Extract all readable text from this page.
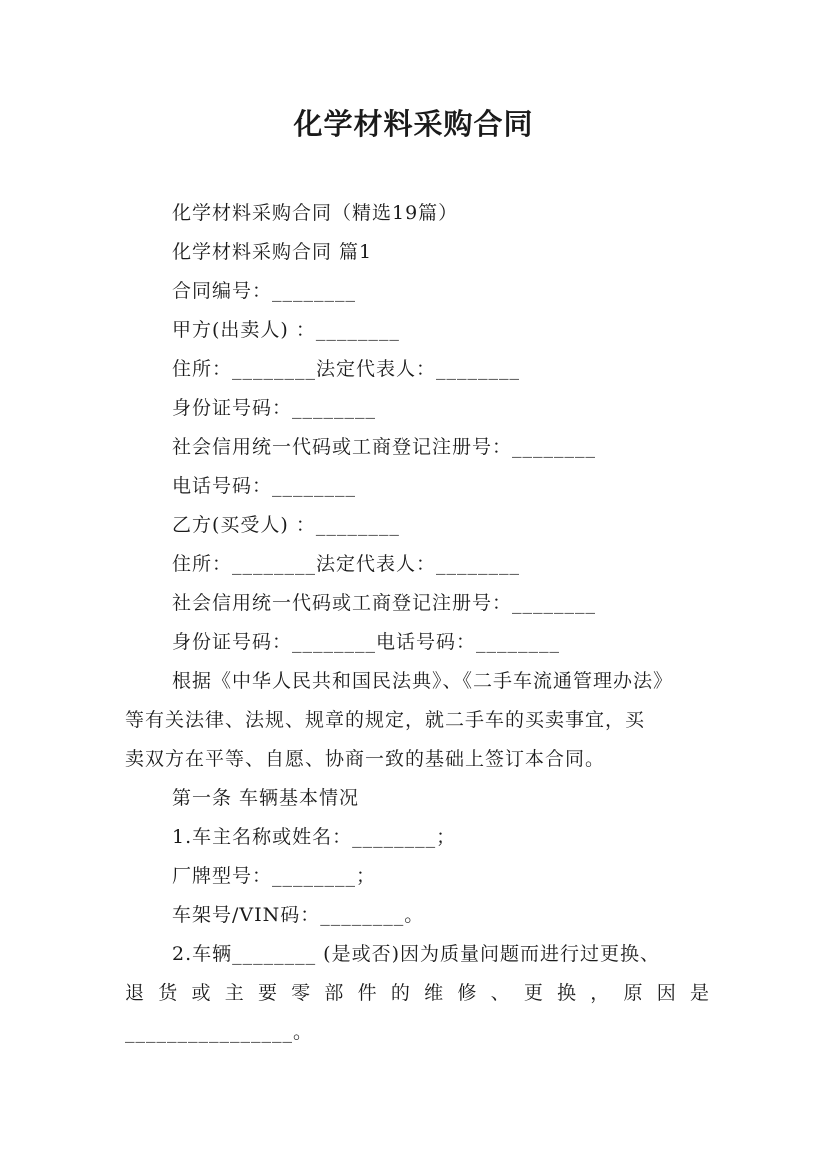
化学材料采购合同
化学材料采购合同（精选19篇）
化学材料采购合同 篇1
合同编号：________
甲方(出卖人) ：________
住所：________法定代表人：________
身份证号码：________
社会信用统一代码或工商登记注册号：________
电话号码：________
乙方(买受人) ：________
住所：________法定代表人：________
社会信用统一代码或工商登记注册号：________
身份证号码：________电话号码：________
根据《中华人民共和国民法典》、《二手车流通管理办法》
等有关法律、法规、规章的规定，就二手车的买卖事宜，买
卖双方在平等、自愿、协商一致的基础上签订本合同。
第一条 车辆基本情况
1.车主名称或姓名：________；
厂牌型号：________；
车架号/VIN码：________。
2.车辆________ (是或否)因为质量问题而进行过更换、
退货或主要零部件的维修、更换，原因是
________________。
